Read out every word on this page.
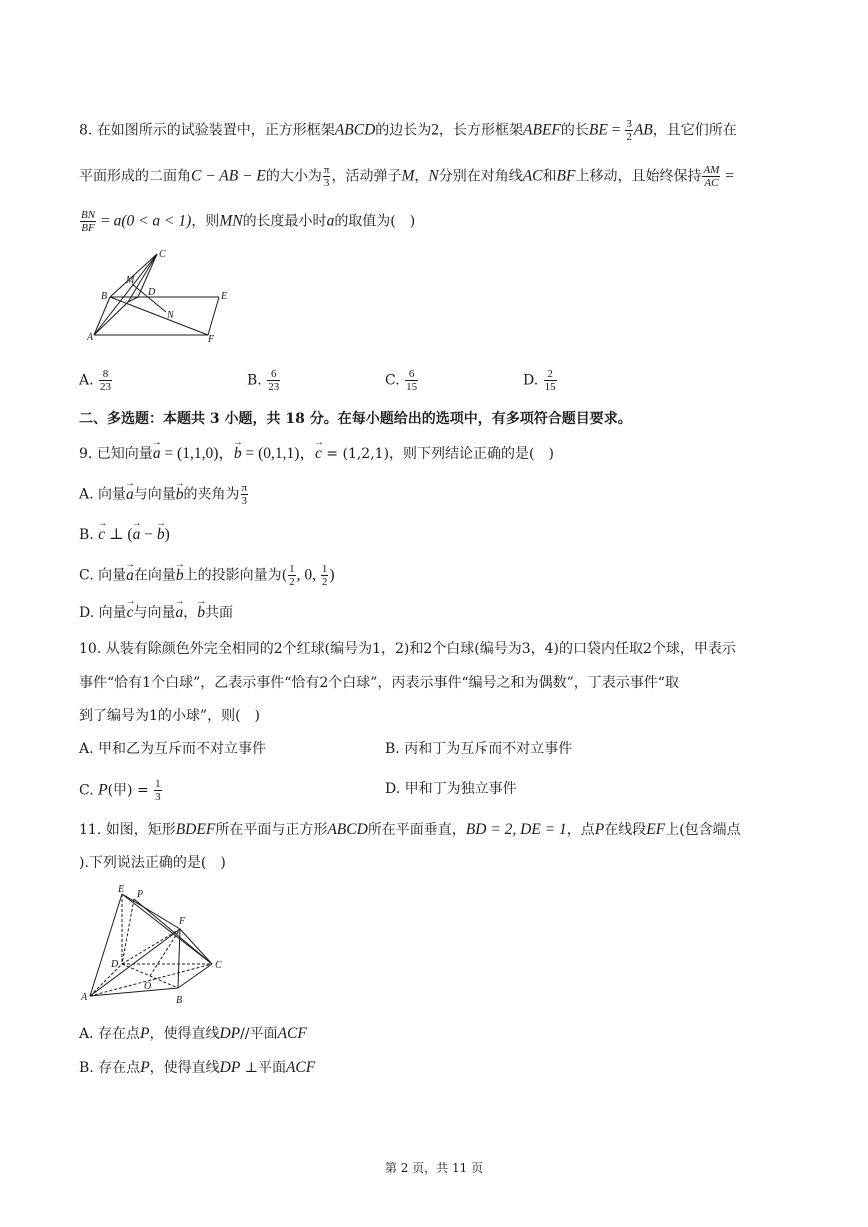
8. 在如图所示的试验装置中，正方形框架ABCD的边长为2，长方形框架ABEF的长BE = $\frac{3}{2}$ AB，且它们所在
平面形成的二面角C − AB − E的大小为 $\frac{\pi}{3}$ ，活动弹子M，N分别在对角线AC和BF上移动，且始终保持 $\frac{AM}{AC}$ =
$\frac{BN}{BF} = a(0 < a < 1)$，则MN的长度最小时a的取值为(　)
C
M
B	D	E
N
A	F
A. $\frac{8}{23}$	B. $\frac{6}{23}$	C. $\frac{6}{15}$	D. $\frac{2}{15}$
二、多选题：本题共 3 小题，共 18 分。在每小题给出的选项中，有多项符合题目要求。
9. 已知向量→ a = (1,1,0)，→ b = (0,1,1)，→ c = (1,2,1)，则下列结论正确的是(　)
A. 向量→ a与向量→ b的夹角为 $\frac{\pi}{3}$
B. → c ⊥ (→ a − → b)
C. 向量→ a在向量→ b上的投影向量为( $\frac{1}{2}$ , 0, $\frac{1}{2}$ )
D. 向量→ c与向量→ a，→ b共面
10. 从装有除颜色外完全相同的2个红球(编号为1，2)和2个白球(编号为3，4)的口袋内任取2个球，甲表示
事件“恰有1个白球”，乙表示事件“恰有2个白球”，丙表示事件“编号之和为偶数”，丁表示事件“取
到了编号为1的小球”，则(　)
A. 甲和乙为互斥而不对立事件	B. 丙和丁为互斥而不对立事件
C. P(甲) = $\frac{1}{3}$	D. 甲和丁为独立事件
11. 如图，矩形BDEF所在平面与正方形ABCD所在平面垂直，BD = 2, DE = 1，点P在线段EF上(包含端点
).下列说法正确的是(　)
E P
F
D	C
O
A	B
A. 存在点P，使得直线DP//平面ACF
B. 存在点P，使得直线DP ⊥平面ACF
第 2 页，共 11 页
